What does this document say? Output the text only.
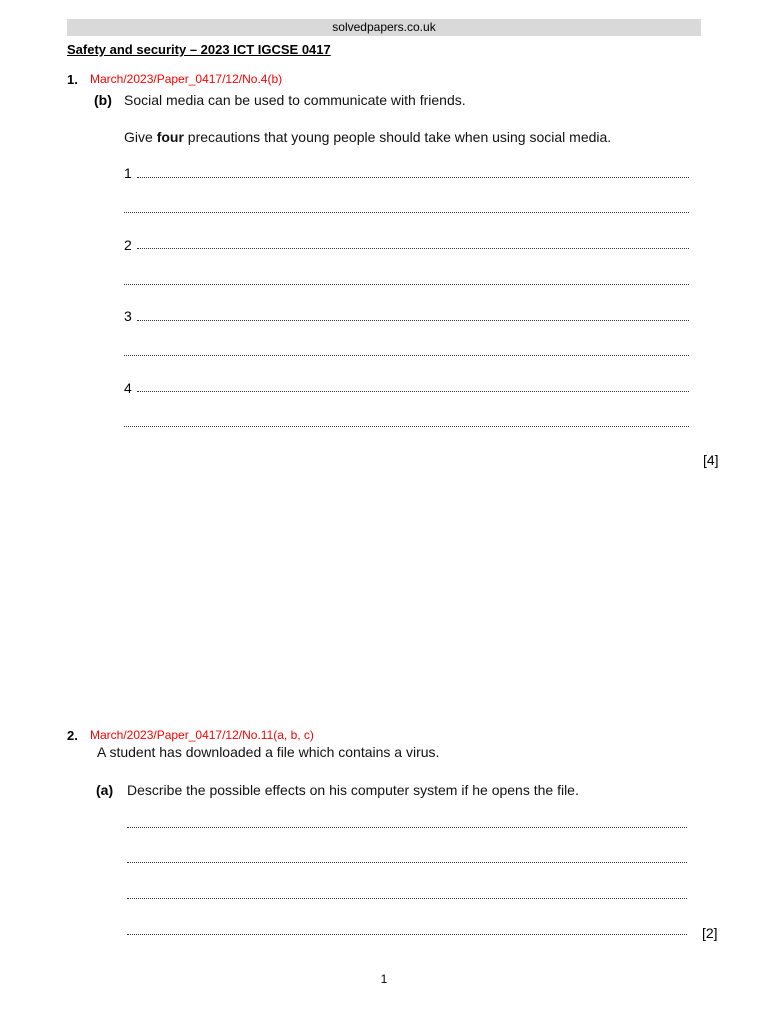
solvedpapers.co.uk
Safety and security – 2023 ICT IGCSE 0417
1. March/2023/Paper_0417/12/No.4(b)
(b) Social media can be used to communicate with friends.
Give four precautions that young people should take when using social media.
1
2
3
4
[4]
2. March/2023/Paper_0417/12/No.11(a, b, c)
A student has downloaded a file which contains a virus.
(a) Describe the possible effects on his computer system if he opens the file.
[2]
1
